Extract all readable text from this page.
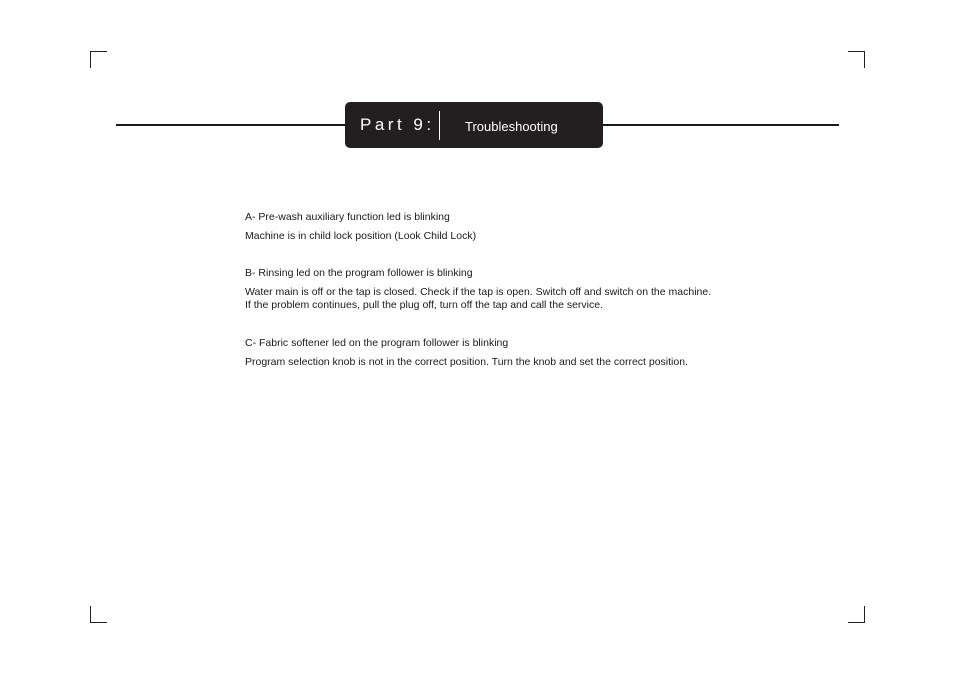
Part 9: Troubleshooting

A- Pre-wash auxiliary function led is blinking

Machine is in child lock position (Look Child Lock)

B- Rinsing led on the program follower is blinking

Water main is off or the tap is closed. Check if the tap is open. Switch off and switch on the machine.
If the problem continues, pull the plug off, turn off the tap and call the service.

C- Fabric softener led on the program follower is blinking

Program selection knob is not in the correct position. Turn the knob and set the correct position.
